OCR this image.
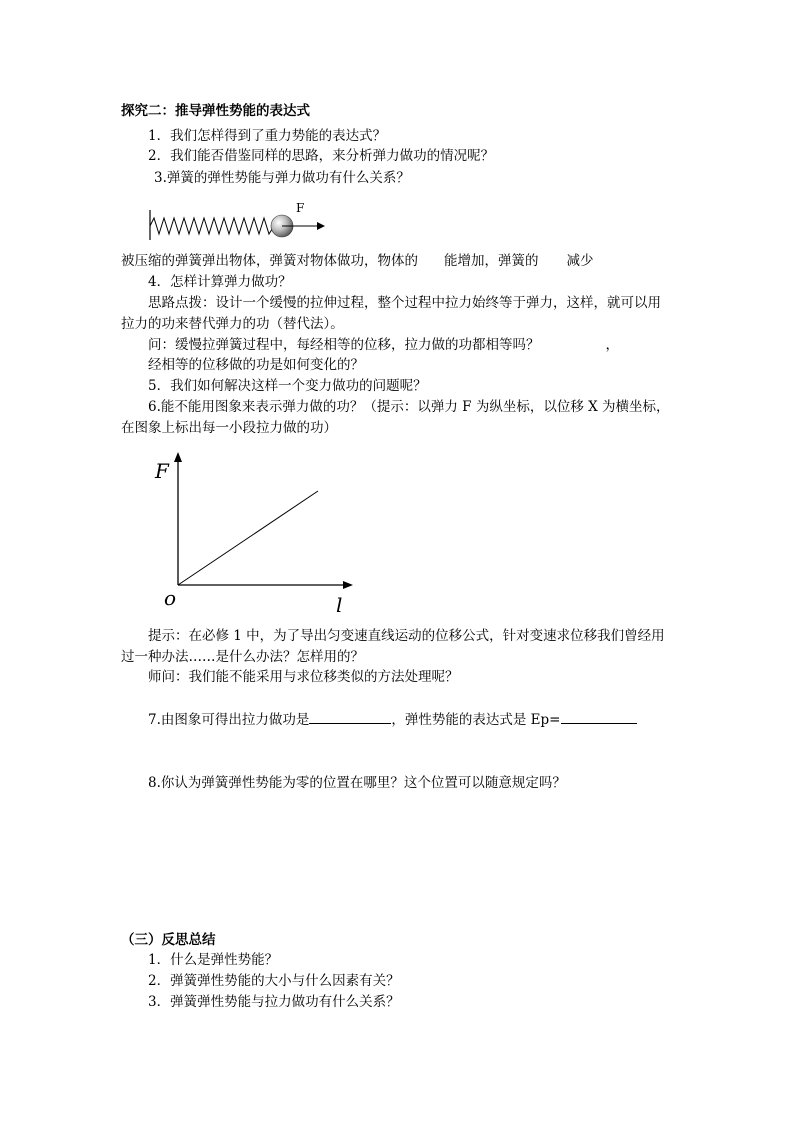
探究二：推导弹性势能的表达式
1．我们怎样得到了重力势能的表达式？
2．我们能否借鉴同样的思路，来分析弹力做功的情况呢？
3.弹簧的弹性势能与弹力做功有什么关系？
F
被压缩的弹簧弹出物体，弹簧对物体做功，物体的 能增加，弹簧的 减少
4．怎样计算弹力做功？
思路点拨：设计一个缓慢的拉伸过程，整个过程中拉力始终等于弹力，这样，就可以用
拉力的功来替代弹力的功（替代法）。
问：缓慢拉弹簧过程中，每经相等的位移，拉力做的功都相等吗？	，
经相等的位移做的功是如何变化的？
5．我们如何解决这样一个变力做功的问题呢？
6.能不能用图象来表示弹力做的功？（提示：以弹力 F 为纵坐标，以位移 X 为横坐标，
在图象上标出每一小段拉力做的功）
F
l
o
提示：在必修 1 中，为了导出匀变速直线运动的位移公式，针对变速求位移我们曾经用
过一种办法……是什么办法？怎样用的？
师问：我们能不能采用与求位移类似的方法处理呢？
7.由图象可得出拉力做功是	，弹性势能的表达式是 Ep=
8.你认为弹簧弹性势能为零的位置在哪里？这个位置可以随意规定吗？
（三）反思总结
1．什么是弹性势能？
2．弹簧弹性势能的大小与什么因素有关？
3．弹簧弹性势能与拉力做功有什么关系？
